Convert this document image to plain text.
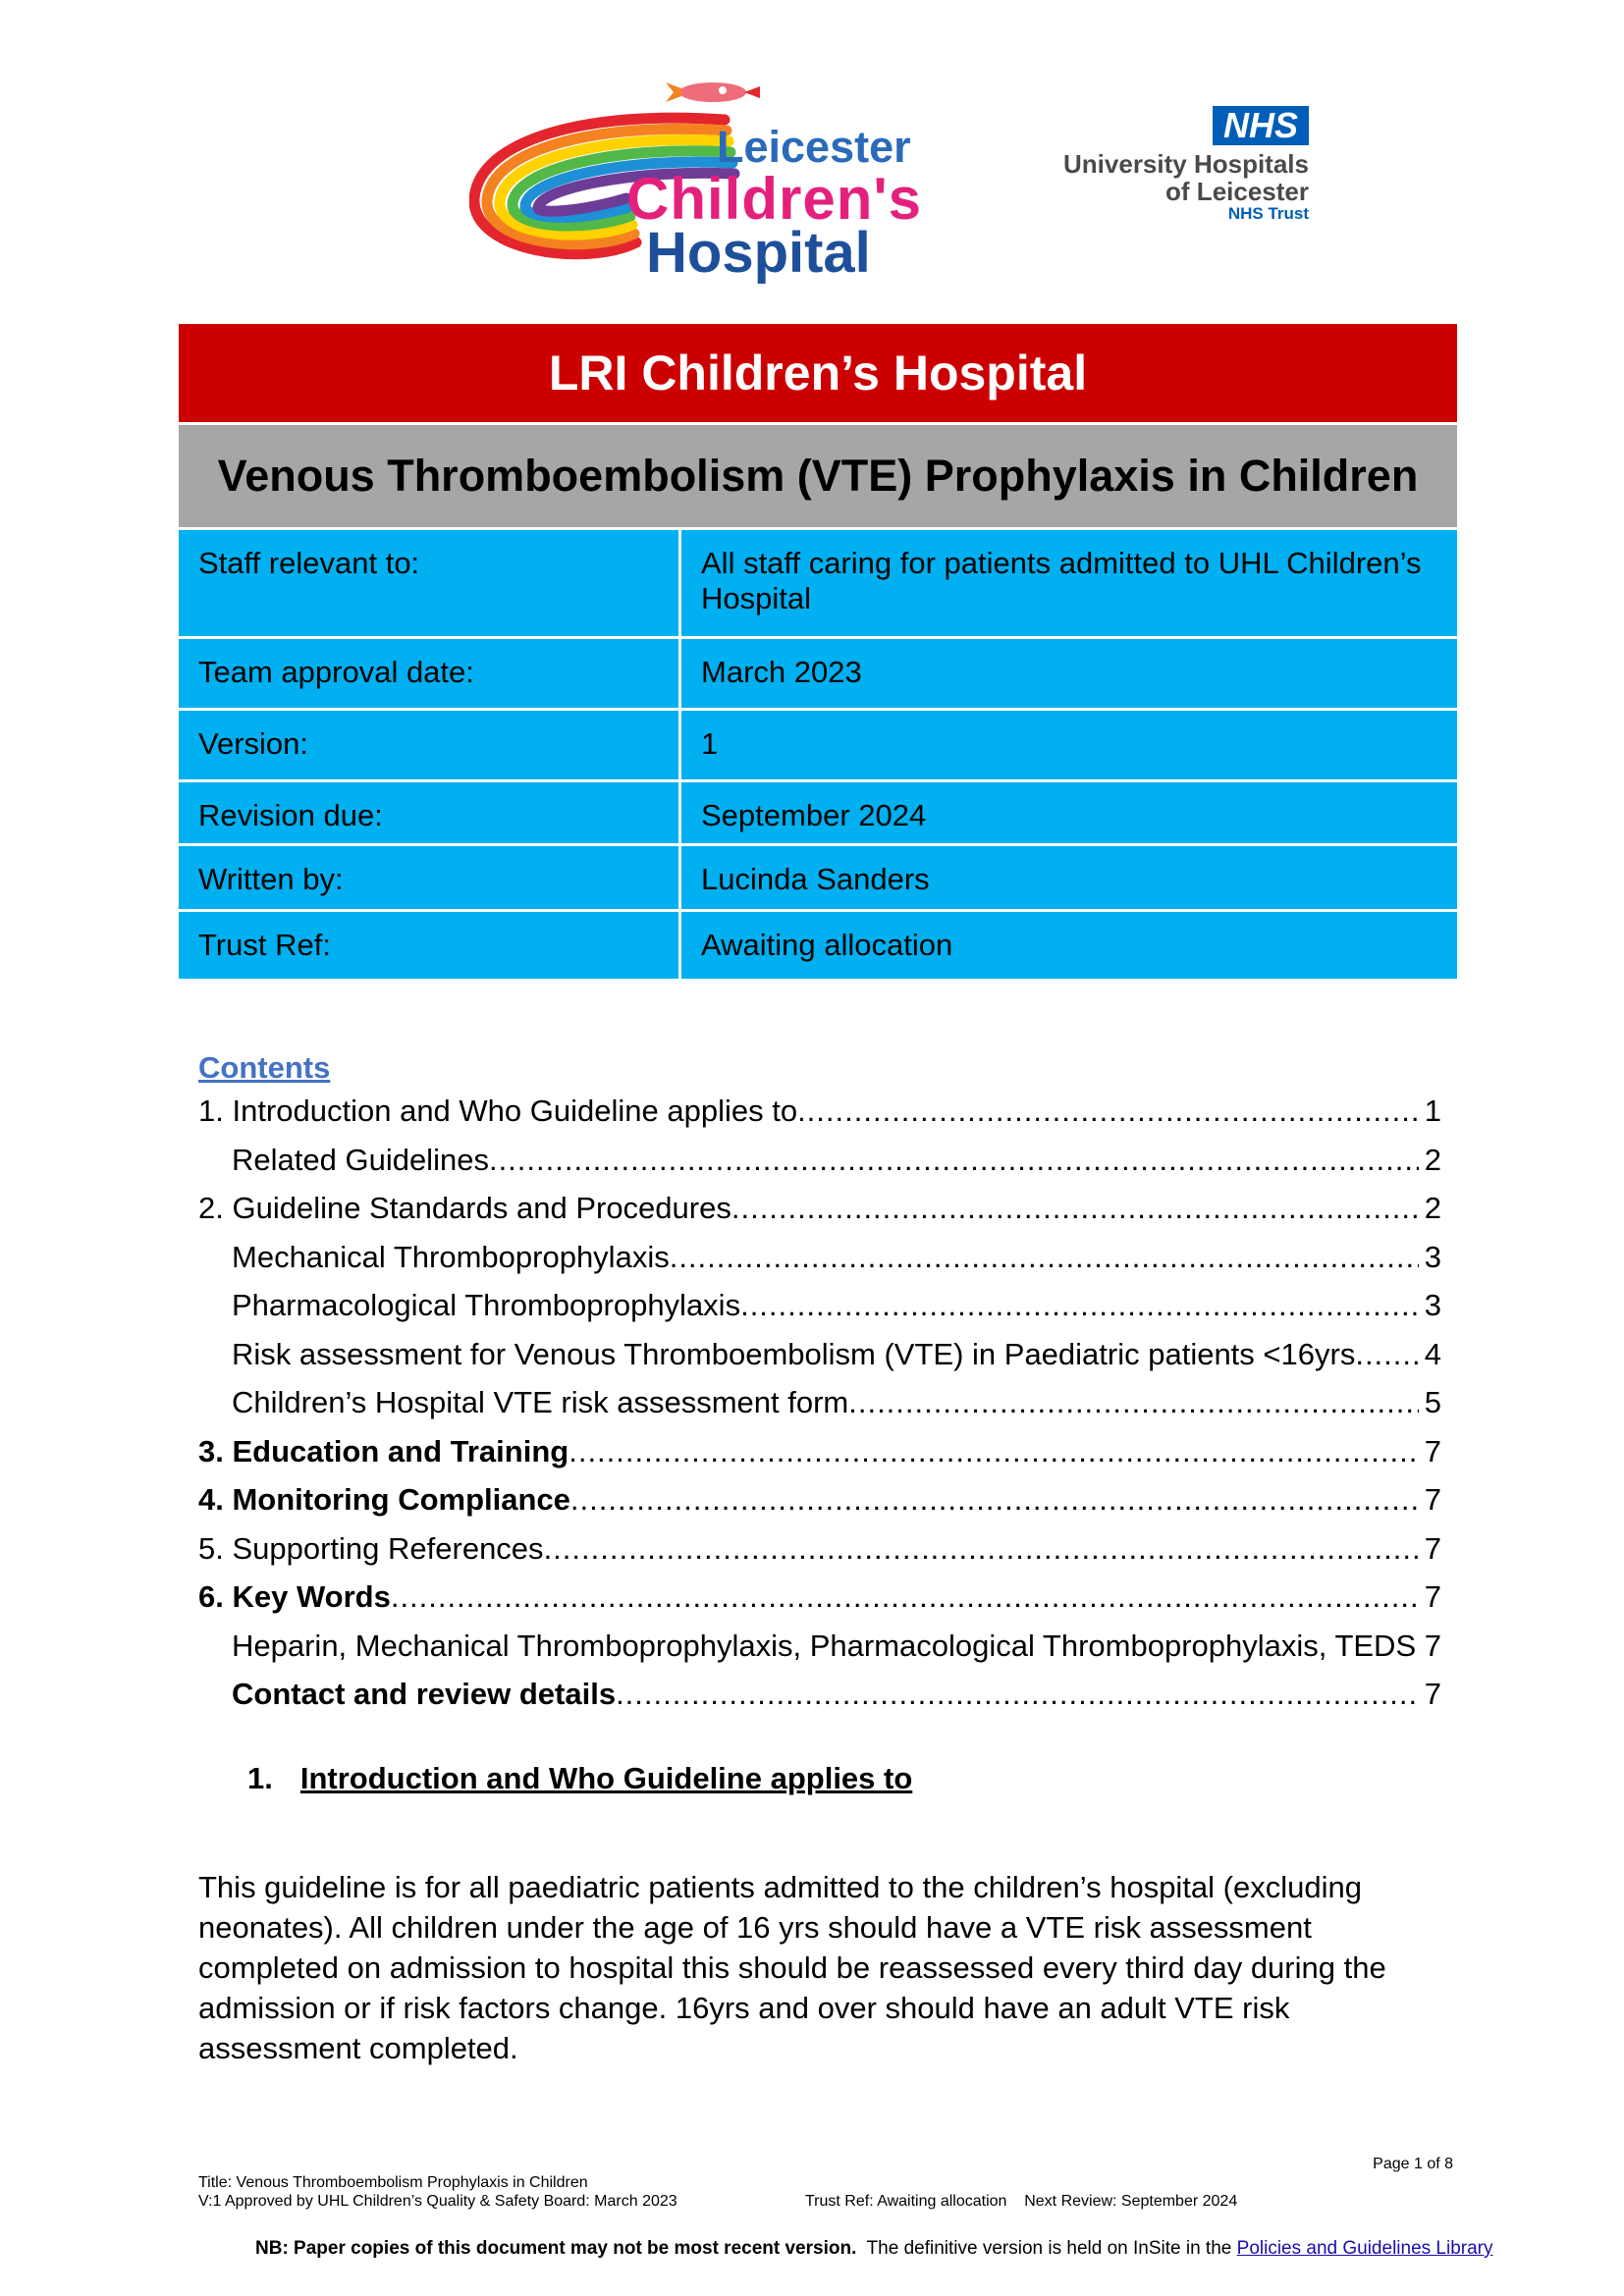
Leicester
Children's
Hospital
NHS
University Hospitals
of Leicester
NHS Trust
LRI Children’s Hospital
Venous Thromboembolism (VTE) Prophylaxis in Children
Staff relevant to:	All staff caring for patients admitted to UHL Children’s Hospital
Team approval date:	March 2023
Version:	1
Revision due:	September 2024
Written by:	Lucinda Sanders
Trust Ref:	Awaiting allocation
Contents
1. Introduction and Who Guideline applies to .....	1
Related Guidelines .....	2
2. Guideline Standards and Procedures .....	2
Mechanical Thromboprophylaxis .....	3
Pharmacological Thromboprophylaxis .....	3
Risk assessment for Venous Thromboembolism (VTE) in Paediatric patients <16yrs ..... 4
Children’s Hospital VTE risk assessment form .....	5
3. Education and Training .....	7
4. Monitoring Compliance .....	7
5. Supporting References .....	7
6. Key Words .....	7
Heparin, Mechanical Thromboprophylaxis, Pharmacological Thromboprophylaxis, TEDS ..... 7
Contact and review details .....	7
1. Introduction and Who Guideline applies to
This guideline is for all paediatric patients admitted to the children’s hospital (excluding neonates). All children under the age of 16 yrs should have a VTE risk assessment completed on admission to hospital this should be reassessed every third day during the admission or if risk factors change. 16yrs and over should have an adult VTE risk assessment completed.
Page 1 of 8
Title: Venous Thromboembolism Prophylaxis in Children
V:1 Approved by UHL Children’s Quality & Safety Board: March 2023	Trust Ref: Awaiting allocation Next Review: September 2024
NB: Paper copies of this document may not be most recent version. The definitive version is held on InSite in the Policies and Guidelines Library
